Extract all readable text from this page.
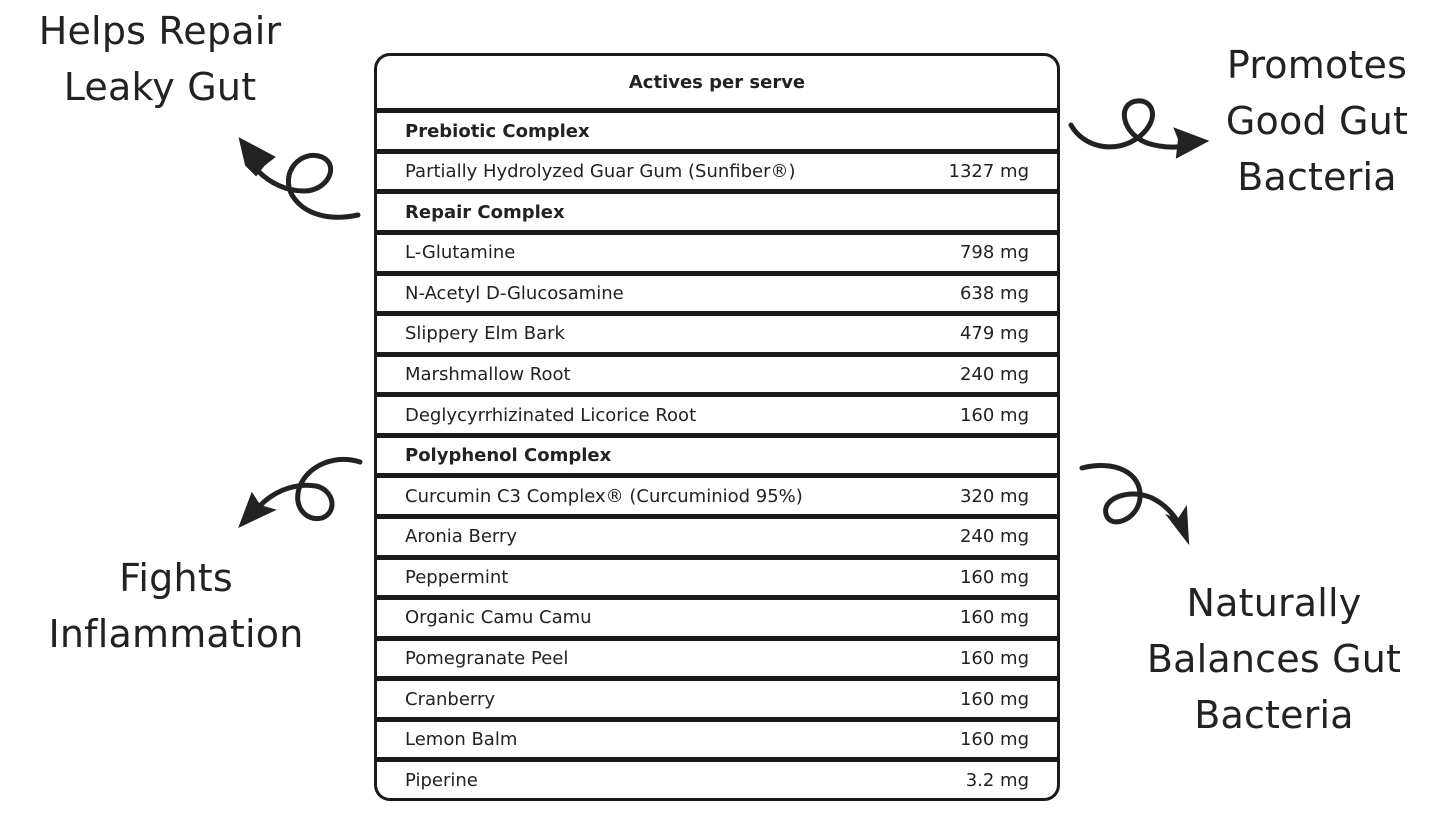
Helps Repair
Leaky Gut	Promotes
Good Gut
Bacteria
Fights
Inflammation
Naturally
Balances Gut
Bacteria
Actives per serve
Prebiotic Complex
Partially Hydrolyzed Guar Gum (Sunfiber®)	1327 mg
Repair Complex
L-Glutamine	798 mg
N-Acetyl D-Glucosamine	638 mg
Slippery Elm Bark	479 mg
Marshmallow Root	240 mg
Deglycyrrhizinated Licorice Root	160 mg
Polyphenol Complex
Curcumin C3 Complex® (Curcuminiod 95%)	320 mg
Aronia Berry	240 mg
Peppermint	160 mg
Organic Camu Camu	160 mg
Pomegranate Peel	160 mg
Cranberry	160 mg
Lemon Balm	160 mg
Piperine	3.2 mg
